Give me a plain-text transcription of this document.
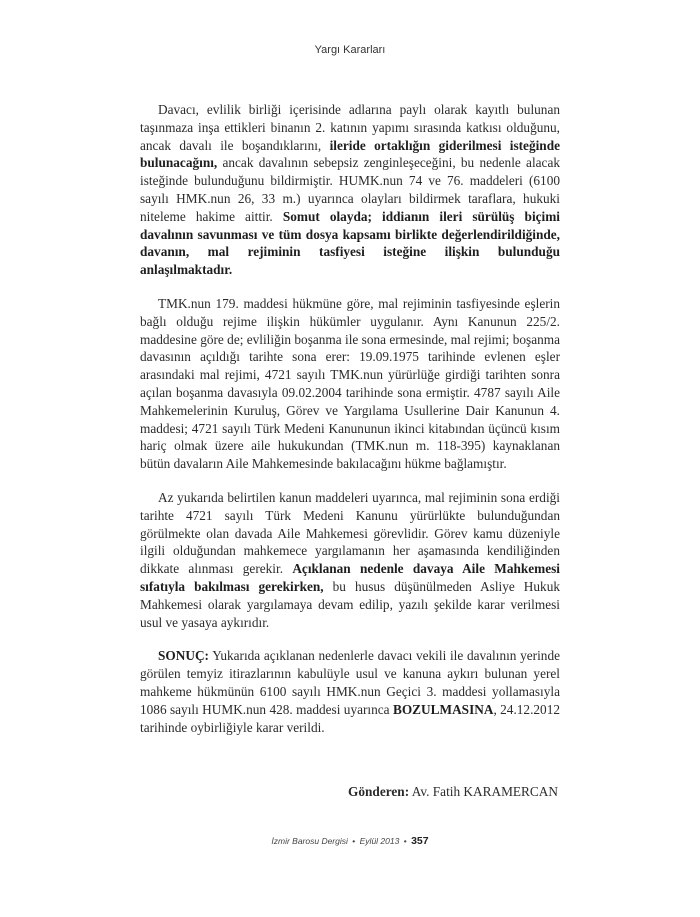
Yargı Kararları

Davacı, evlilik birliği içerisinde adlarına paylı olarak kayıtlı bulunan taşınmaza inşa ettikleri binanın 2. katının yapımı sırasında katkısı olduğunu, ancak davalı ile boşandıklarını, ileride ortaklığın giderilmesi isteğinde bulunacağını, ancak davalının sebepsiz zenginleşeceğini, bu nedenle alacak isteğinde bulunduğunu bildirmiştir. HUMK.nun 74 ve 76. maddeleri (6100 sayılı HMK.nun 26, 33 m.) uyarınca olayları bildirmek taraflara, hukuki niteleme hakime aittir. Somut olayda; iddianın ileri sürülüş biçimi davalının savunması ve tüm dosya kapsamı birlikte değerlendirildiğinde, davanın, mal rejiminin tasfiyesi isteğine ilişkin bulunduğu anlaşılmaktadır.

TMK.nun 179. maddesi hükmüne göre, mal rejiminin tasfiyesinde eşlerin bağlı olduğu rejime ilişkin hükümler uygulanır. Aynı Kanunun 225/2. maddesine göre de; evliliğin boşanma ile sona ermesinde, mal rejimi; boşanma davasının açıldığı tarihte sona erer: 19.09.1975 tarihinde evlenen eşler arasındaki mal rejimi, 4721 sayılı TMK.nun yürürlüğe girdiği tarihten sonra açılan boşanma davasıyla 09.02.2004 tarihinde sona ermiştir. 4787 sayılı Aile Mahkemelerinin Kuruluş, Görev ve Yargılama Usullerine Dair Kanunun 4. maddesi; 4721 sayılı Türk Medeni Kanununun ikinci kitabından üçüncü kısım hariç olmak üzere aile hukukundan (TMK.nun m. 118-395) kaynaklanan bütün davaların Aile Mahkemesinde bakılacağını hükme bağlamıştır.

Az yukarıda belirtilen kanun maddeleri uyarınca, mal rejiminin sona erdiği tarihte 4721 sayılı Türk Medeni Kanunu yürürlükte bulunduğundan görülmekte olan davada Aile Mahkemesi görevlidir. Görev kamu düzeniyle ilgili olduğundan mahkemece yargılamanın her aşamasında kendiliğinden dikkate alınması gerekir. Açıklanan nedenle davaya Aile Mahkemesi sıfatıyla bakılması gerekirken, bu husus düşünülmeden Asliye Hukuk Mahkemesi olarak yargılamaya devam edilip, yazılı şekilde karar verilmesi usul ve yasaya aykırıdır.

SONUÇ: Yukarıda açıklanan nedenlerle davacı vekili ile davalının yerinde görülen temyiz itirazlarının kabulüyle usul ve kanuna aykırı bulunan yerel mahkeme hükmünün 6100 sayılı HMK.nun Geçici 3. maddesi yollamasıyla 1086 sayılı HUMK.nun 428. maddesi uyarınca BOZULMASINA, 24.12.2012 tarihinde oybirliğiyle karar verildi.

Gönderen: Av. Fatih KARAMERCAN
İzmir Barosu Dergisi • Eylül 2013 • 357
